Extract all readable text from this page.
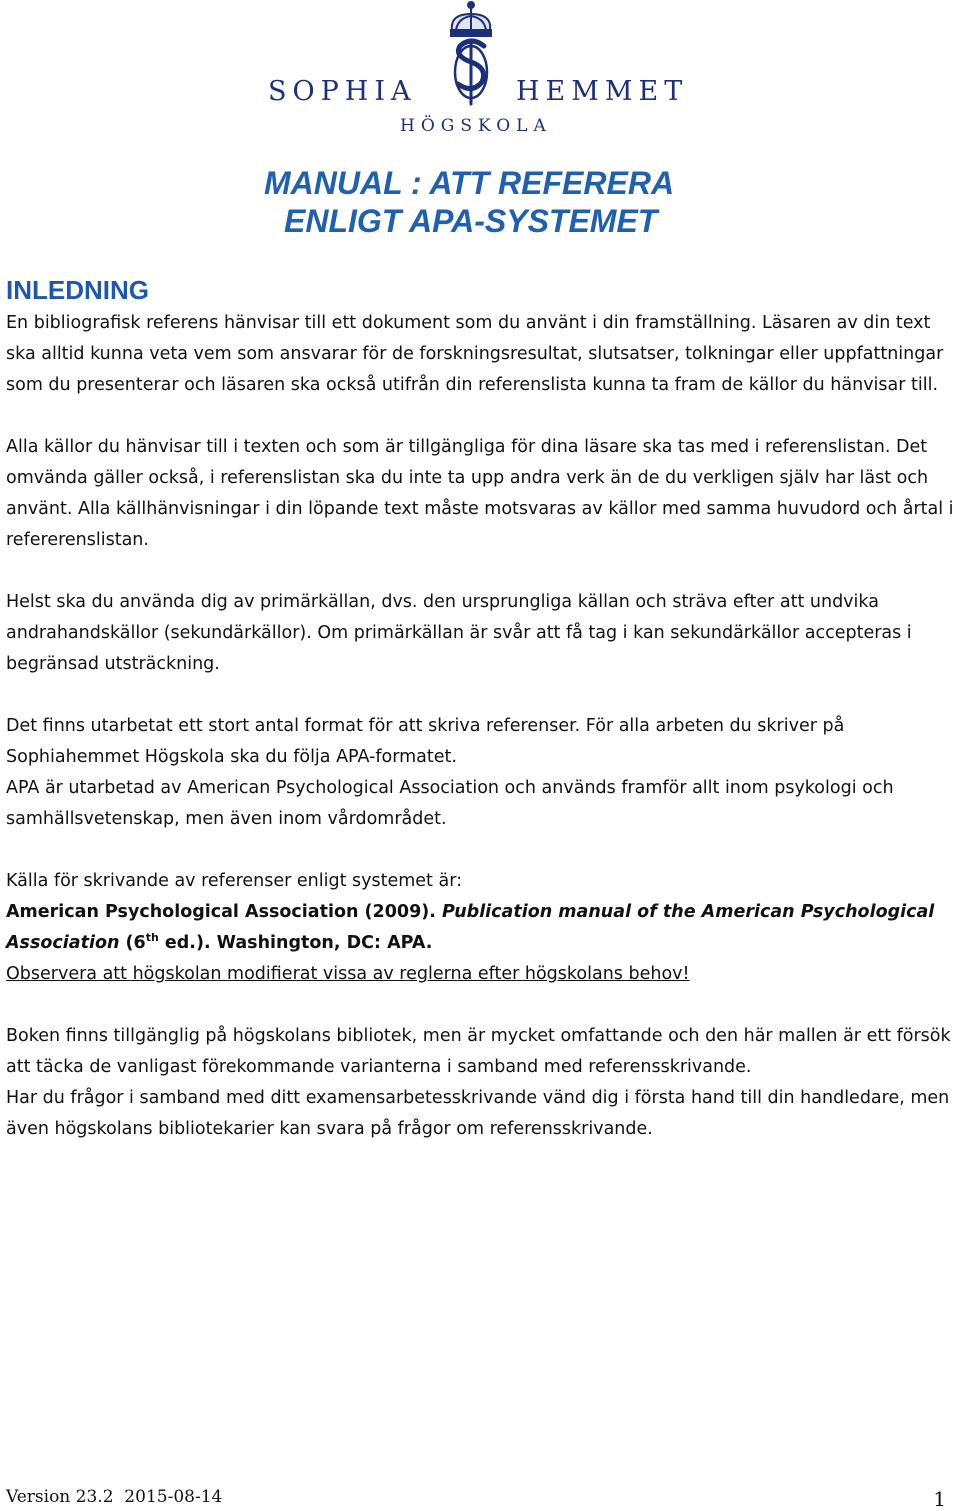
SOPHIA	HEMMET
HÖGSKOLA
MANUAL : ATT REFERERA
ENLIGT APA-SYSTEMET
INLEDNING

En bibliografisk referens hänvisar till ett dokument som du använt i din framställning. Läsaren av din text ska alltid kunna veta vem som ansvarar för de forskningsresultat, slutsatser, tolkningar eller uppfattningar som du presenterar och läsaren ska också utifrån din referenslista kunna ta fram de källor du hänvisar till.

Alla källor du hänvisar till i texten och som är tillgängliga för dina läsare ska tas med i referenslistan. Det omvända gäller också, i referenslistan ska du inte ta upp andra verk än de du verkligen själv har läst och använt. Alla källhänvisningar i din löpande text måste motsvaras av källor med samma huvudord och årtal i refererenslistan.

Helst ska du använda dig av primärkällan, dvs. den ursprungliga källan och sträva efter att undvika andrahandskällor (sekundärkällor). Om primärkällan är svår att få tag i kan sekundärkällor accepteras i begränsad utsträckning.

Det finns utarbetat ett stort antal format för att skriva referenser. För alla arbeten du skriver på Sophiahemmet Högskola ska du följa APA-formatet.

APA är utarbetad av American Psychological Association och används framför allt inom psykologi och samhällsvetenskap, men även inom vårdområdet.

Källa för skrivande av referenser enligt systemet är:

American Psychological Association (2009). Publication manual of the American Psychological Association (6th ed.). Washington, DC: APA.

Observera att högskolan modifierat vissa av reglerna efter högskolans behov!

Boken finns tillgänglig på högskolans bibliotek, men är mycket omfattande och den här mallen är ett försök att täcka de vanligast förekommande varianterna i samband med referensskrivande.

Har du frågor i samband med ditt examensarbetesskrivande vänd dig i första hand till din handledare, men även högskolans bibliotekarier kan svara på frågor om referensskrivande.

Version 23.2  2015-08-14	1
